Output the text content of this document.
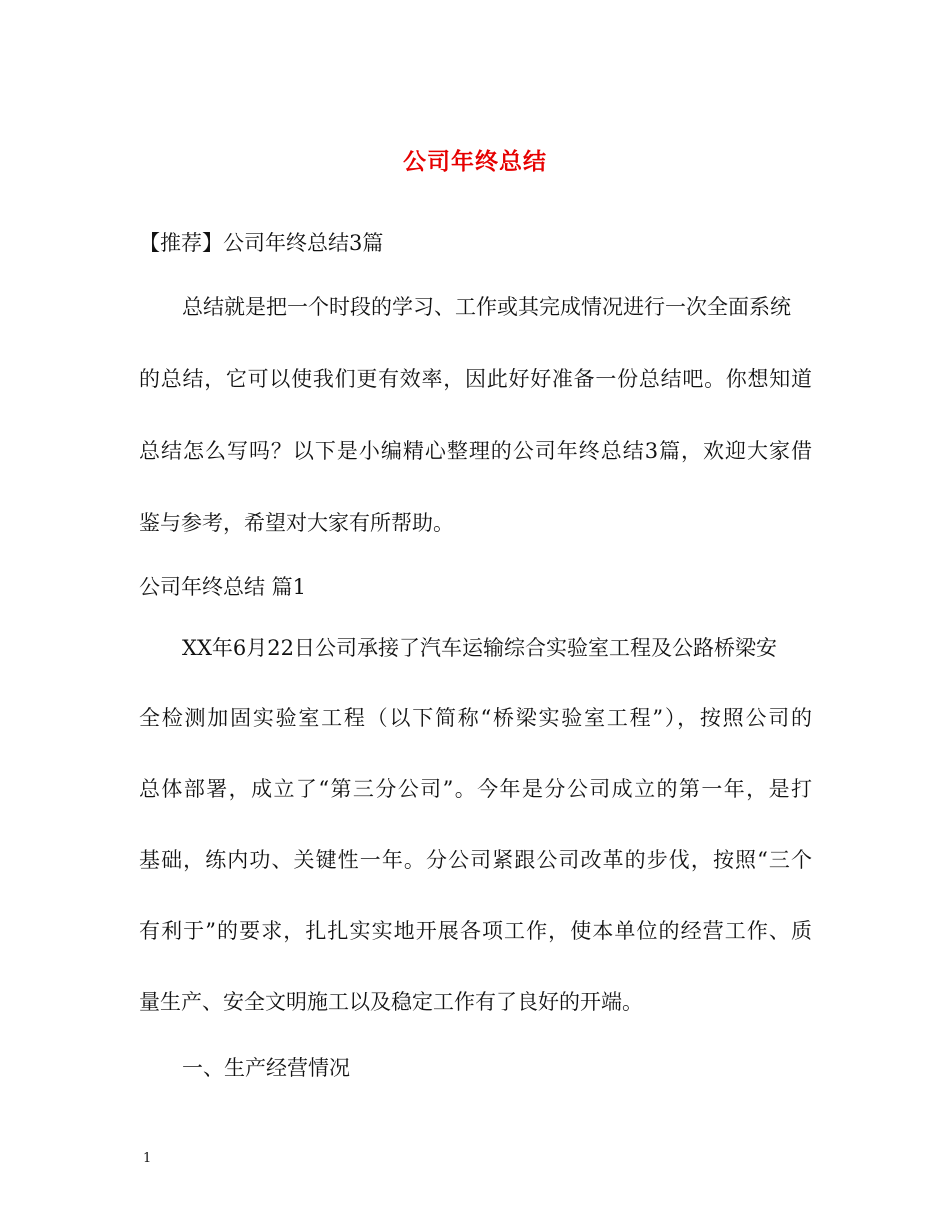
公司年终总结
【推荐】公司年终总结3篇
总结就是把一个时段的学习、工作或其完成情况进行一次全面系统
的总结，它可以使我们更有效率，因此好好准备一份总结吧。你想知道
总结怎么写吗？以下是小编精心整理的公司年终总结3篇，欢迎大家借
鉴与参考，希望对大家有所帮助。
公司年终总结 篇1
XX年6月22日公司承接了汽车运输综合实验室工程及公路桥梁安
全检测加固实验室工程（以下简称“桥梁实验室工程”），按照公司的
总体部署，成立了“第三分公司”。今年是分公司成立的第一年，是打
基础，练内功、关键性一年。分公司紧跟公司改革的步伐，按照“三个
有利于”的要求，扎扎实实地开展各项工作，使本单位的经营工作、质
量生产、安全文明施工以及稳定工作有了良好的开端。
一、生产经营情况
1
